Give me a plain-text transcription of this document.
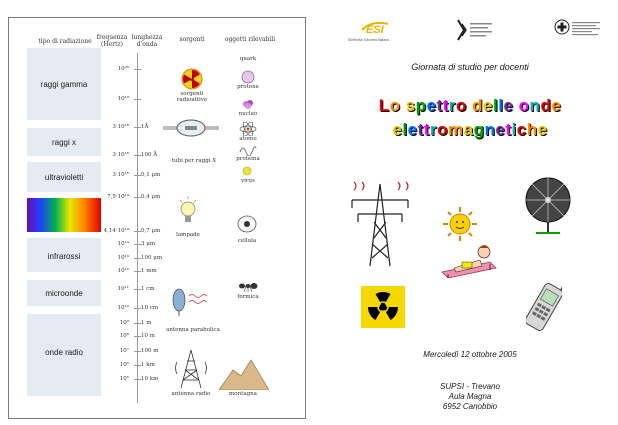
tipo di radiazione
frequenza
(Hertz)
lunghezza
d'onda
sorgenti	oggetti rilevabili
raggi gamma
raggi x
ultravioletti
infrarossi
microonde
onde radio
10²⁰
10¹⁹
3·10¹⁸
3·10¹⁶
3·10¹⁵
7,5·10¹⁴
4,14·10¹⁴
10¹⁴
10¹³
10¹²
10¹¹
10¹⁰
10⁹
10⁸
10⁷
10⁶
10⁵
1Å
100 Å
0,1 μm
0,4 μm
0,7 μm
3 μm
100 μm
1 mm
1 cm
10 cm
1 m
10 m
100 m
1 km
10 km
sorgenti radioattive
tubi per raggi X
lampade
antenna parabolica
antenna radio	montagna
quark
protone
nucleo
atomo
proteina
virus
cellula
formica
ESI
Elettricità Svizzera Italiana
Giornata di studio per docenti
Lo spettro delle onde
elettromagnetiche
Mercoledì 12 ottobre 2005
SUPSI - Trevano
Aula Magna
6952 Canobbio
